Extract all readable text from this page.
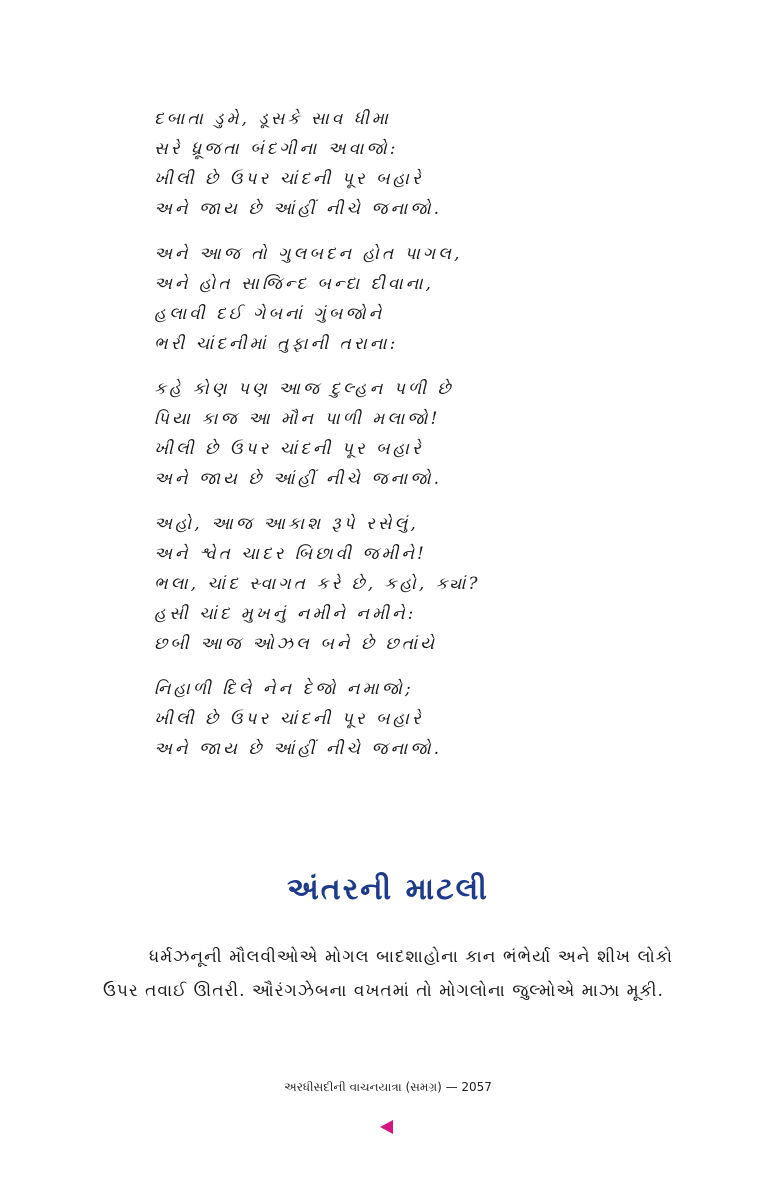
દબાતા ડુમે, ડૂસકે સાવ ધીમા
સરે ધ્રૂજતા બંદગીના અવાજો:
ખીલી છે ઉપર ચાંદની પૂર બહારે
અને જાય છે આંહીં નીચે જનાજો.
અને આજ તો ગુલબદન હોત પાગલ,
અને હોત સાજિન્દ બન્દા દીવાના,
હલાવી દઈ ગેબનાં ગુંબજોને
ભરી ચાંદનીમાં તુફાની તરાના:
કહે કોણ પણ આજ દુલ્હન પળી છે
પિયા કાજ આ મૌન પાળી મલાજો!
ખીલી છે ઉપર ચાંદની પૂર બહારે
અને જાય છે આંહીં નીચે જનાજો.
અહો, આજ આકાશ રૂપે રસેલું,
અને શ્વેત ચાદર બિછાવી જમીને!
ભલા, ચાંદ સ્વાગત કરે છે, કહો, ક્યાં?
હસી ચાંદ મુખનું નમીને નમીને:
છબી આજ ઓઝલ બને છે છતાંયે
નિહાળી દિલે નેન દેજો નમાજો;
ખીલી છે ઉપર ચાંદની પૂર બહારે
અને જાય છે આંહીં નીચે જનાજો.
અંતરની માટલી

ધર્મઝનૂની મૌલવીઓએ મોગલ બાદશાહોના કાન ભંભેર્યા અને શીખ લોકો ઉપર તવાઈ ઊતરી. ઔરંગઝેબના વખતમાં તો મોગલોના જુલ્મોએ માઝા મૂકી.

અરધીસદીની વાચનયાત્રા (સમગ્ર) — 2057
